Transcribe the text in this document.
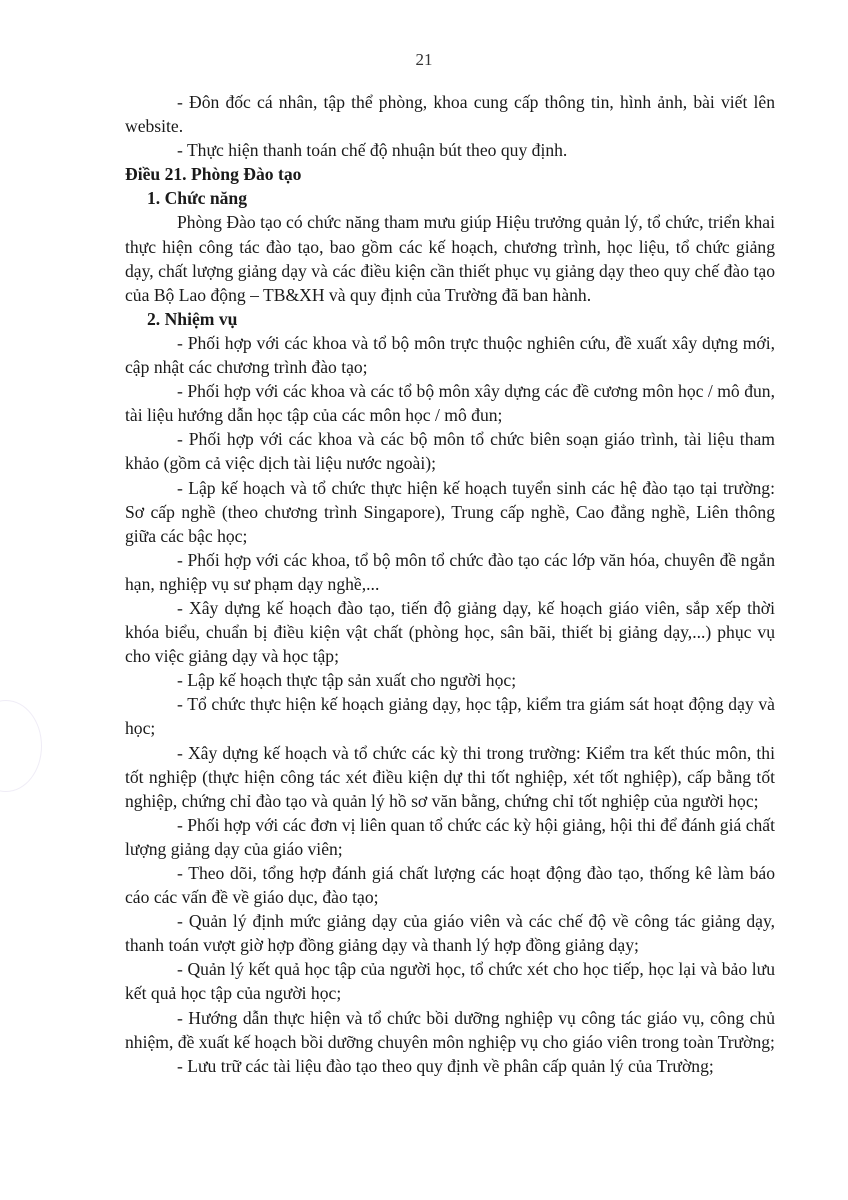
21

- Đôn đốc cá nhân, tập thể phòng, khoa cung cấp thông tin, hình ảnh, bài viết lên website.

- Thực hiện thanh toán chế độ nhuận bút theo quy định.

Điều 21. Phòng Đào tạo

1. Chức năng

Phòng Đào tạo có chức năng tham mưu giúp Hiệu trưởng quản lý, tổ chức, triển khai thực hiện công tác đào tạo, bao gồm các kế hoạch, chương trình, học liệu, tổ chức giảng dạy, chất lượng giảng dạy và các điều kiện cần thiết phục vụ giảng dạy theo quy chế đào tạo của Bộ Lao động – TB&XH và quy định của Trường đã ban hành.

2. Nhiệm vụ

- Phối hợp với các khoa và tổ bộ môn trực thuộc nghiên cứu, đề xuất xây dựng mới, cập nhật các chương trình đào tạo;

- Phối hợp với các khoa và các tổ bộ môn xây dựng các đề cương môn học / mô đun, tài liệu hướng dẫn học tập của các môn học / mô đun;

- Phối hợp với các khoa và các bộ môn tổ chức biên soạn giáo trình, tài liệu tham khảo (gồm cả việc dịch tài liệu nước ngoài);

- Lập kế hoạch và tổ chức thực hiện kế hoạch tuyển sinh các hệ đào tạo tại trường: Sơ cấp nghề (theo chương trình Singapore), Trung cấp nghề, Cao đẳng nghề, Liên thông giữa các bậc học;

- Phối hợp với các khoa, tổ bộ môn tổ chức đào tạo các lớp văn hóa, chuyên đề ngắn hạn, nghiệp vụ sư phạm dạy nghề,...

- Xây dựng kế hoạch đào tạo, tiến độ giảng dạy, kế hoạch giáo viên, sắp xếp thời khóa biểu, chuẩn bị điều kiện vật chất (phòng học, sân bãi, thiết bị giảng dạy,...) phục vụ cho việc giảng dạy và học tập;

- Lập kế hoạch thực tập sản xuất cho người học;

- Tổ chức thực hiện kế hoạch giảng dạy, học tập, kiểm tra giám sát hoạt động dạy và học;

- Xây dựng kế hoạch và tổ chức các kỳ thi trong trường: Kiểm tra kết thúc môn, thi tốt nghiệp (thực hiện công tác xét điều kiện dự thi tốt nghiệp, xét tốt nghiệp), cấp bằng tốt nghiệp, chứng chỉ đào tạo và quản lý hồ sơ văn bằng, chứng chỉ tốt nghiệp của người học;

- Phối hợp với các đơn vị liên quan tổ chức các kỳ hội giảng, hội thi để đánh giá chất lượng giảng dạy của giáo viên;

- Theo dõi, tổng hợp đánh giá chất lượng các hoạt động đào tạo, thống kê làm báo cáo các vấn đề về giáo dục, đào tạo;

- Quản lý định mức giảng dạy của giáo viên và các chế độ về công tác giảng dạy, thanh toán vượt giờ hợp đồng giảng dạy và thanh lý hợp đồng giảng dạy;

- Quản lý kết quả học tập của người học, tổ chức xét cho học tiếp, học lại và bảo lưu kết quả học tập của người học;

- Hướng dẫn thực hiện và tổ chức bồi dưỡng nghiệp vụ công tác giáo vụ, công chủ nhiệm, đề xuất kế hoạch bồi dưỡng chuyên môn nghiệp vụ cho giáo viên trong toàn Trường;

- Lưu trữ các tài liệu đào tạo theo quy định về phân cấp quản lý của Trường;
